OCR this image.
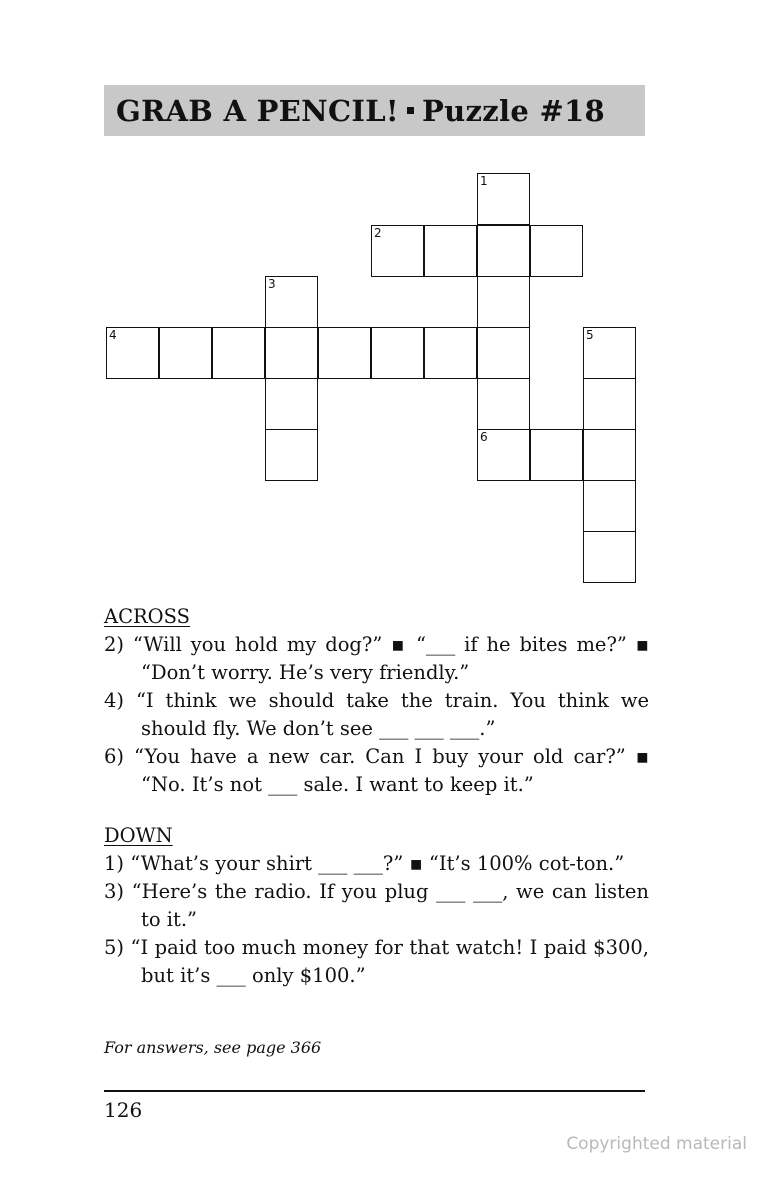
GRAB A PENCIL! Puzzle #18
1
2
3
4	5
6
ACROSS
2) “Will you hold my dog?” ▪ “___ if he bites me?” ▪ “Don’t worry. He’s very friendly.”
4) “I think we should take the train. You think we should fly. We don’t see ___ ___ ___.”
6) “You have a new car. Can I buy your old car?” ▪ “No. It’s not ___ sale. I want to keep it.”
DOWN
1) “What’s your shirt ___ ___?” ▪ “It’s 100% cot-ton.”
3) “Here’s the radio. If you plug ___ ___, we can listen to it.”
5) “I paid too much money for that watch! I paid $300, but it’s ___ only $100.”
For answers, see page 366
126
Copyrighted material
